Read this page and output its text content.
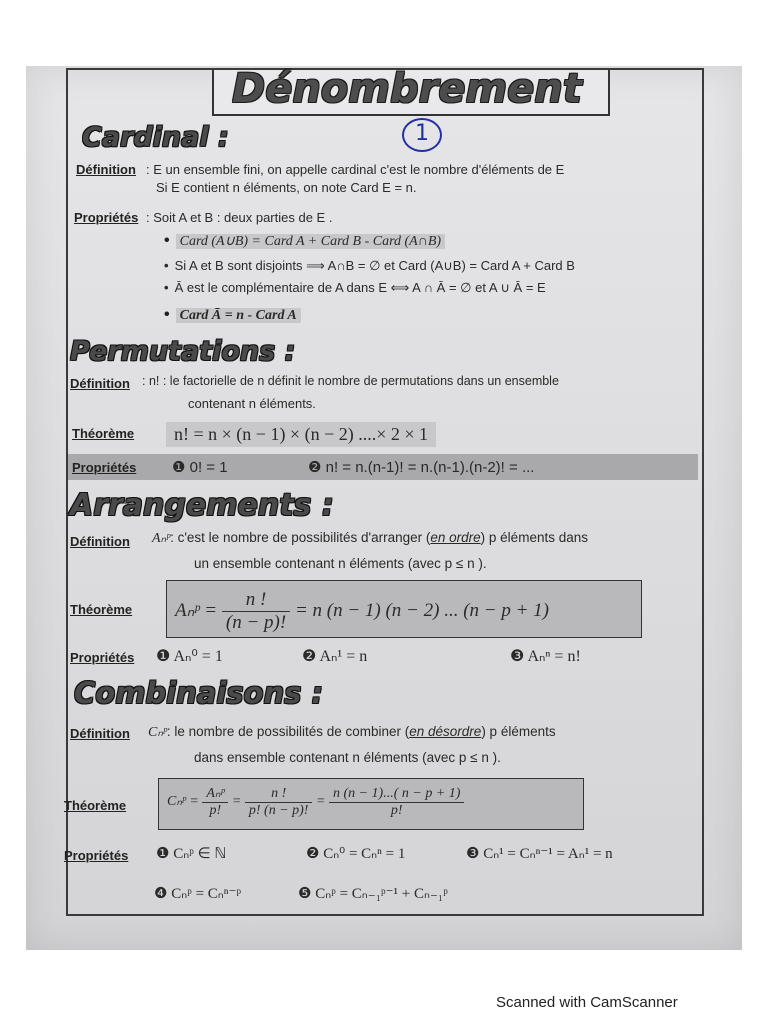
Dénombrement
1
Cardinal :
Définition : E un ensemble fini, on appelle cardinal c'est le nombre d'éléments de E
Si E contient n éléments, on note Card E = n.
Propriétés : Soit A et B : deux parties de E .
• Card (A∪B) = Card A + Card B - Card (A∩B)
• Si A et B sont disjoints ⟹ A∩B = ∅ et Card (A∪B) = Card A + Card B
• Ā est le complémentaire de A dans E ⟺ A ∩ Ā = ∅ et A ∪ Ā = E
• Card Ā = n - Card A
Permutations :
Définition : n! : le factorielle de n définit le nombre de permutations dans un ensemble
contenant n éléments.
Théorème	n! = n × (n − 1) × (n − 2) ....× 2 × 1
Propriétés ❶ 0! = 1	❷ n! = n.(n-1)! = n.(n-1).(n-2)! = ...
Arrangements :
Définition Aₙᵖ: c'est le nombre de possibilités d'arranger (en ordre) p éléments dans
un ensemble contenant n éléments (avec p ≤ n ).
Théorème Aₙᵖ = $\frac{n !}{(n - p)!} = n$ (n − 1) (n − 2) ... (n − p + 1)
Propriétés ❶ Aₙ⁰ = 1	❷ Aₙ¹ = n	❸ Aₙⁿ = n!
Combinaisons :
Définition Cₙᵖ: le nombre de possibilités de combiner (en désordre) p éléments
dans ensemble contenant n éléments (avec p ≤ n ).
Théorème	Cₙᵖ = $\frac{\text{Aₙᵖ}}{p!} = \frac{n !}{p! (n - p)!} = \frac{n (n - 1)...( n - p + 1)}{p!}$
Propriétés ❶ Cₙᵖ ∈ ℕ	❷ Cₙ⁰ = Cₙⁿ = 1	❸ Cₙ¹ = Cₙⁿ⁻¹ = Aₙ¹ = n
❹ Cₙᵖ = Cₙⁿ⁻ᵖ	❺ Cₙᵖ = Cₙ₋₁ᵖ⁻¹ + Cₙ₋₁ᵖ
Scanned with CamScanner
